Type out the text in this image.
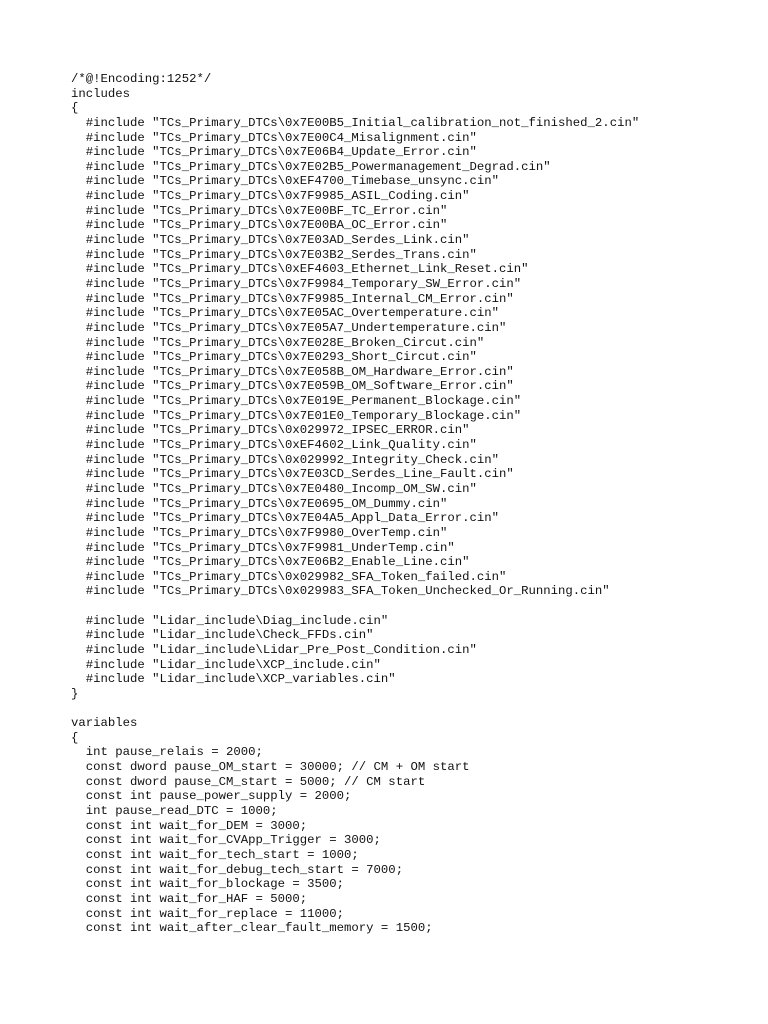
/*@!Encoding:1252*/
includes
{
#include "TCs_Primary_DTCs\0x7E00B5_Initial_calibration_not_finished_2.cin"
#include "TCs_Primary_DTCs\0x7E00C4_Misalignment.cin"
#include "TCs_Primary_DTCs\0x7E06B4_Update_Error.cin"
#include "TCs_Primary_DTCs\0x7E02B5_Powermanagement_Degrad.cin"
#include "TCs_Primary_DTCs\0xEF4700_Timebase_unsync.cin"
#include "TCs_Primary_DTCs\0x7F9985_ASIL_Coding.cin"
#include "TCs_Primary_DTCs\0x7E00BF_TC_Error.cin"
#include "TCs_Primary_DTCs\0x7E00BA_OC_Error.cin"
#include "TCs_Primary_DTCs\0x7E03AD_Serdes_Link.cin"
#include "TCs_Primary_DTCs\0x7E03B2_Serdes_Trans.cin"
#include "TCs_Primary_DTCs\0xEF4603_Ethernet_Link_Reset.cin"
#include "TCs_Primary_DTCs\0x7F9984_Temporary_SW_Error.cin"
#include "TCs_Primary_DTCs\0x7F9985_Internal_CM_Error.cin"
#include "TCs_Primary_DTCs\0x7E05AC_Overtemperature.cin"
#include "TCs_Primary_DTCs\0x7E05A7_Undertemperature.cin"
#include "TCs_Primary_DTCs\0x7E028E_Broken_Circut.cin"
#include "TCs_Primary_DTCs\0x7E0293_Short_Circut.cin"
#include "TCs_Primary_DTCs\0x7E058B_OM_Hardware_Error.cin"
#include "TCs_Primary_DTCs\0x7E059B_OM_Software_Error.cin"
#include "TCs_Primary_DTCs\0x7E019E_Permanent_Blockage.cin"
#include "TCs_Primary_DTCs\0x7E01E0_Temporary_Blockage.cin"
#include "TCs_Primary_DTCs\0x029972_IPSEC_ERROR.cin"
#include "TCs_Primary_DTCs\0xEF4602_Link_Quality.cin"
#include "TCs_Primary_DTCs\0x029992_Integrity_Check.cin"
#include "TCs_Primary_DTCs\0x7E03CD_Serdes_Line_Fault.cin"
#include "TCs_Primary_DTCs\0x7E0480_Incomp_OM_SW.cin"
#include "TCs_Primary_DTCs\0x7E0695_OM_Dummy.cin"
#include "TCs_Primary_DTCs\0x7E04A5_Appl_Data_Error.cin"
#include "TCs_Primary_DTCs\0x7F9980_OverTemp.cin"
#include "TCs_Primary_DTCs\0x7F9981_UnderTemp.cin"
#include "TCs_Primary_DTCs\0x7E06B2_Enable_Line.cin"
#include "TCs_Primary_DTCs\0x029982_SFA_Token_failed.cin"
#include "TCs_Primary_DTCs\0x029983_SFA_Token_Unchecked_Or_Running.cin"
#include "Lidar_include\Diag_include.cin"
#include "Lidar_include\Check_FFDs.cin"
#include "Lidar_include\Lidar_Pre_Post_Condition.cin"
#include "Lidar_include\XCP_include.cin"
#include "Lidar_include\XCP_variables.cin"
}
variables
{
int pause_relais = 2000;
const dword pause_OM_start = 30000; // CM + OM start
const dword pause_CM_start = 5000; // CM start
const int pause_power_supply = 2000;
int pause_read_DTC = 1000;
const int wait_for_DEM = 3000;
const int wait_for_CVApp_Trigger = 3000;
const int wait_for_tech_start = 1000;
const int wait_for_debug_tech_start = 7000;
const int wait_for_blockage = 3500;
const int wait_for_HAF = 5000;
const int wait_for_replace = 11000;
const int wait_after_clear_fault_memory = 1500;
